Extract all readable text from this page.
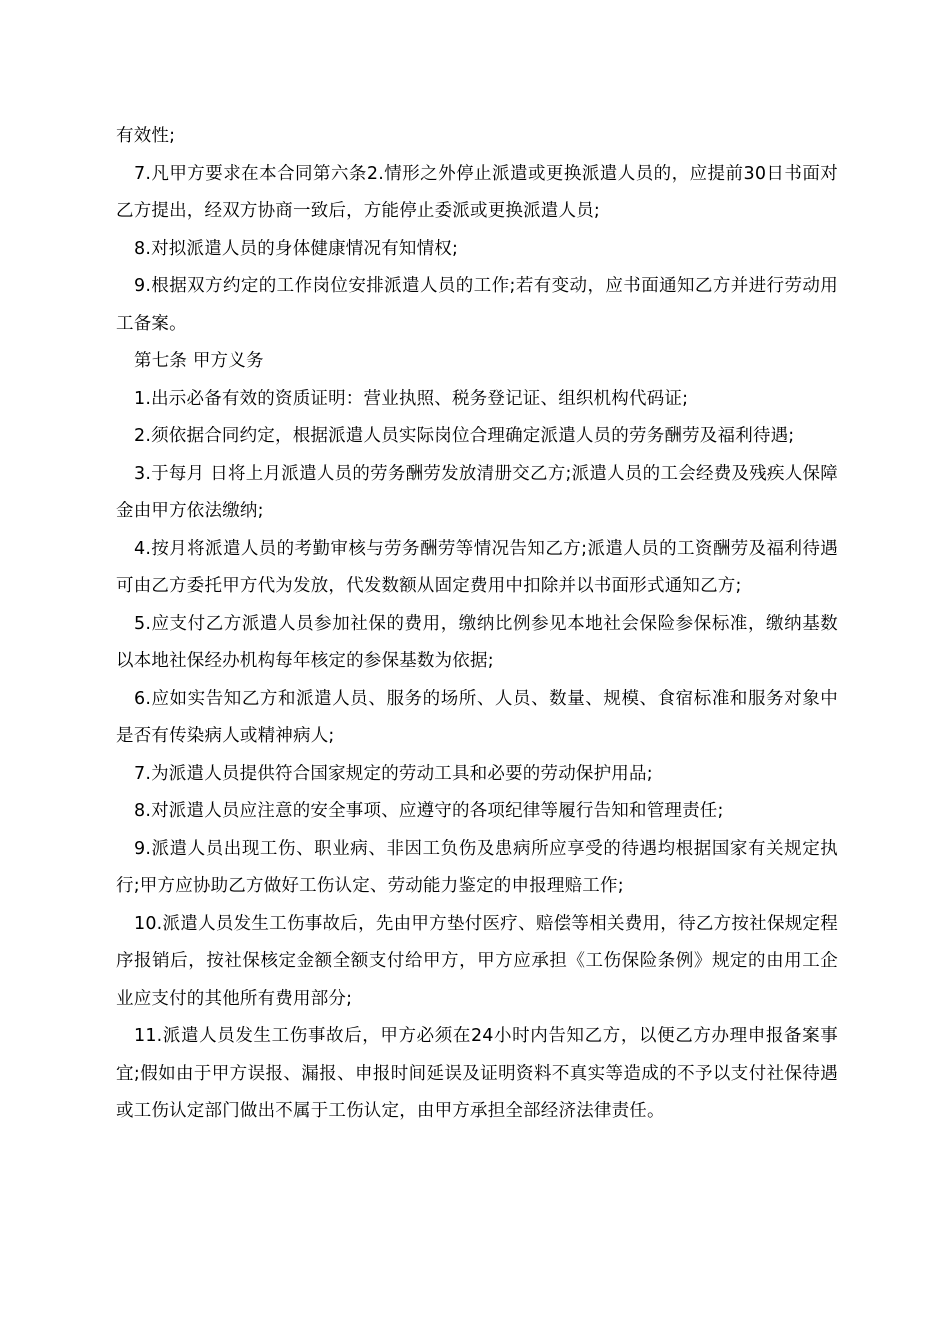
有效性;

7.凡甲方要求在本合同第六条2.情形之外停止派遣或更换派遣人员的，应提前30日书面对乙方提出，经双方协商一致后，方能停止委派或更换派遣人员;

8.对拟派遣人员的身体健康情况有知情权;

9.根据双方约定的工作岗位安排派遣人员的工作;若有变动，应书面通知乙方并进行劳动用工备案。

第七条 甲方义务

1.出示必备有效的资质证明：营业执照、税务登记证、组织机构代码证;

2.须依据合同约定，根据派遣人员实际岗位合理确定派遣人员的劳务酬劳及福利待遇;

3.于每月 日将上月派遣人员的劳务酬劳发放清册交乙方;派遣人员的工会经费及残疾人保障金由甲方依法缴纳;

4.按月将派遣人员的考勤审核与劳务酬劳等情况告知乙方;派遣人员的工资酬劳及福利待遇可由乙方委托甲方代为发放，代发数额从固定费用中扣除并以书面形式通知乙方;

5.应支付乙方派遣人员参加社保的费用，缴纳比例参见本地社会保险参保标准，缴纳基数以本地社保经办机构每年核定的参保基数为依据;

6.应如实告知乙方和派遣人员、服务的场所、人员、数量、规模、食宿标准和服务对象中是否有传染病人或精神病人;

7.为派遣人员提供符合国家规定的劳动工具和必要的劳动保护用品;

8.对派遣人员应注意的安全事项、应遵守的各项纪律等履行告知和管理责任;

9.派遣人员出现工伤、职业病、非因工负伤及患病所应享受的待遇均根据国家有关规定执行;甲方应协助乙方做好工伤认定、劳动能力鉴定的申报理赔工作;

10.派遣人员发生工伤事故后，先由甲方垫付医疗、赔偿等相关费用，待乙方按社保规定程序报销后，按社保核定金额全额支付给甲方，甲方应承担《工伤保险条例》规定的由用工企业应支付的其他所有费用部分;

11.派遣人员发生工伤事故后，甲方必须在24小时内告知乙方，以便乙方办理申报备案事宜;假如由于甲方误报、漏报、申报时间延误及证明资料不真实等造成的不予以支付社保待遇或工伤认定部门做出不属于工伤认定，由甲方承担全部经济法律责任。
